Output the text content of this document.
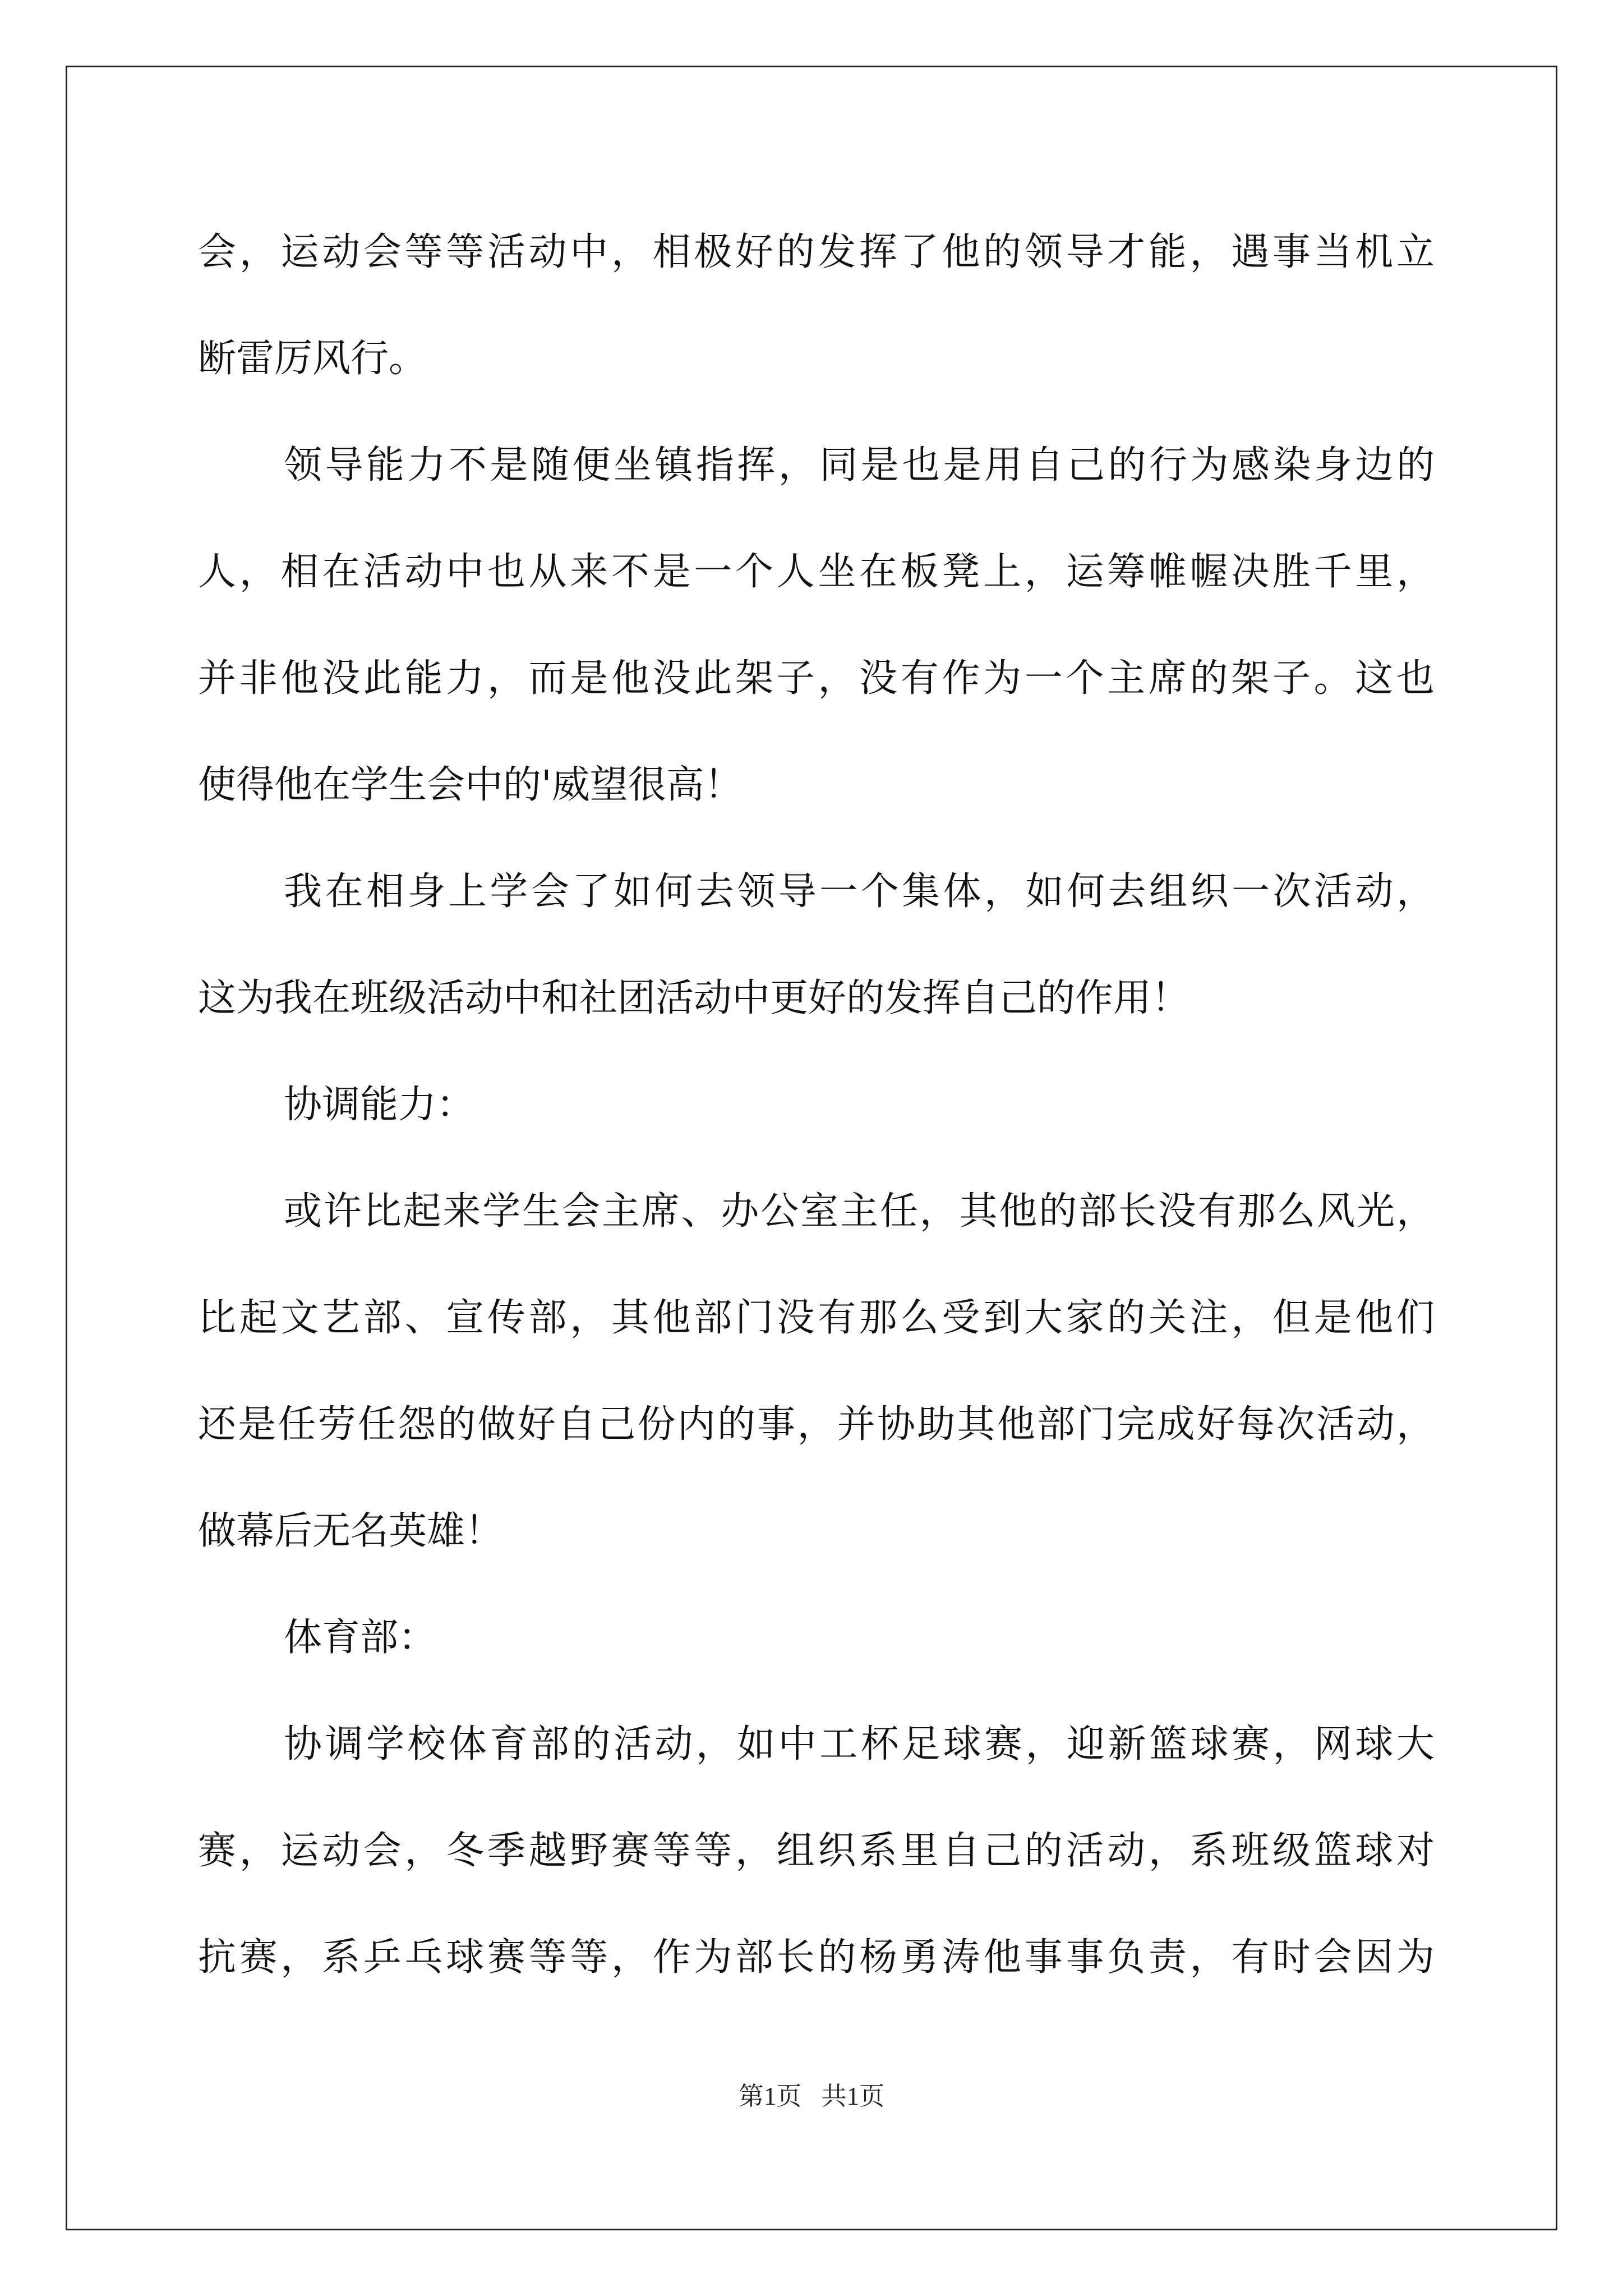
会，运动会等等活动中，相极好的发挥了他的领导才能，遇事当机立
断雷厉风行。
领导能力不是随便坐镇指挥，同是也是用自己的行为感染身边的
人，相在活动中也从来不是一个人坐在板凳上，运筹帷幄决胜千里，
并非他没此能力，而是他没此架子，没有作为一个主席的架子。这也
使得他在学生会中的'威望很高！
我在相身上学会了如何去领导一个集体，如何去组织一次活动，
这为我在班级活动中和社团活动中更好的发挥自己的作用！
协调能力：
或许比起来学生会主席、办公室主任，其他的部长没有那么风光，
比起文艺部、宣传部，其他部门没有那么受到大家的关注，但是他们
还是任劳任怨的做好自己份内的事，并协助其他部门完成好每次活动，
做幕后无名英雄！
体育部：
协调学校体育部的活动，如中工杯足球赛，迎新篮球赛，网球大
赛，运动会，冬季越野赛等等，组织系里自己的活动，系班级篮球对
抗赛，系乒乓球赛等等，作为部长的杨勇涛他事事负责，有时会因为
第1页 共1页
